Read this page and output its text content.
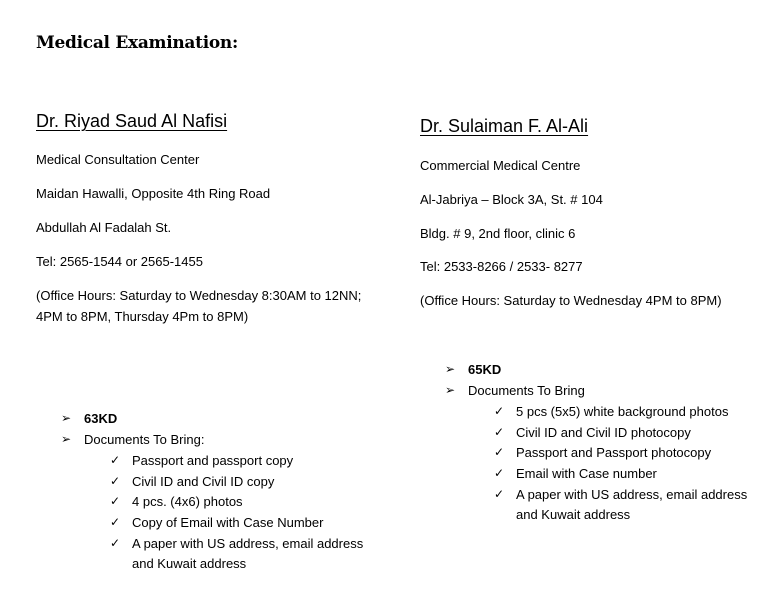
Medical Examination:
Dr. Riyad Saud Al Nafisi
Medical Consultation Center
Maidan Hawalli, Opposite 4th Ring Road
Abdullah Al Fadalah St.
Tel: 2565-1544 or 2565-1455
(Office Hours: Saturday to Wednesday 8:30AM to 12NN;
4PM to 8PM, Thursday 4Pm to 8PM)
➢ 63KD
➢ Documents To Bring:
✓ Passport and passport copy
✓ Civil ID and Civil ID copy
✓ 4 pcs. (4x6) photos
✓ Copy of Email with Case Number
✓ A paper with US address, email address
and Kuwait address
Dr. Sulaiman F. Al-Ali
Commercial Medical Centre
Al-Jabriya – Block 3A, St. # 104
Bldg. # 9, 2nd floor, clinic 6
Tel: 2533-8266 / 2533- 8277
(Office Hours: Saturday to Wednesday 4PM to 8PM)
➢ 65KD
➢ Documents To Bring
✓ 5 pcs (5x5) white background photos
✓ Civil ID and Civil ID photocopy
✓ Passport and Passport photocopy
✓ Email with Case number
✓ A paper with US address, email address
and Kuwait address
